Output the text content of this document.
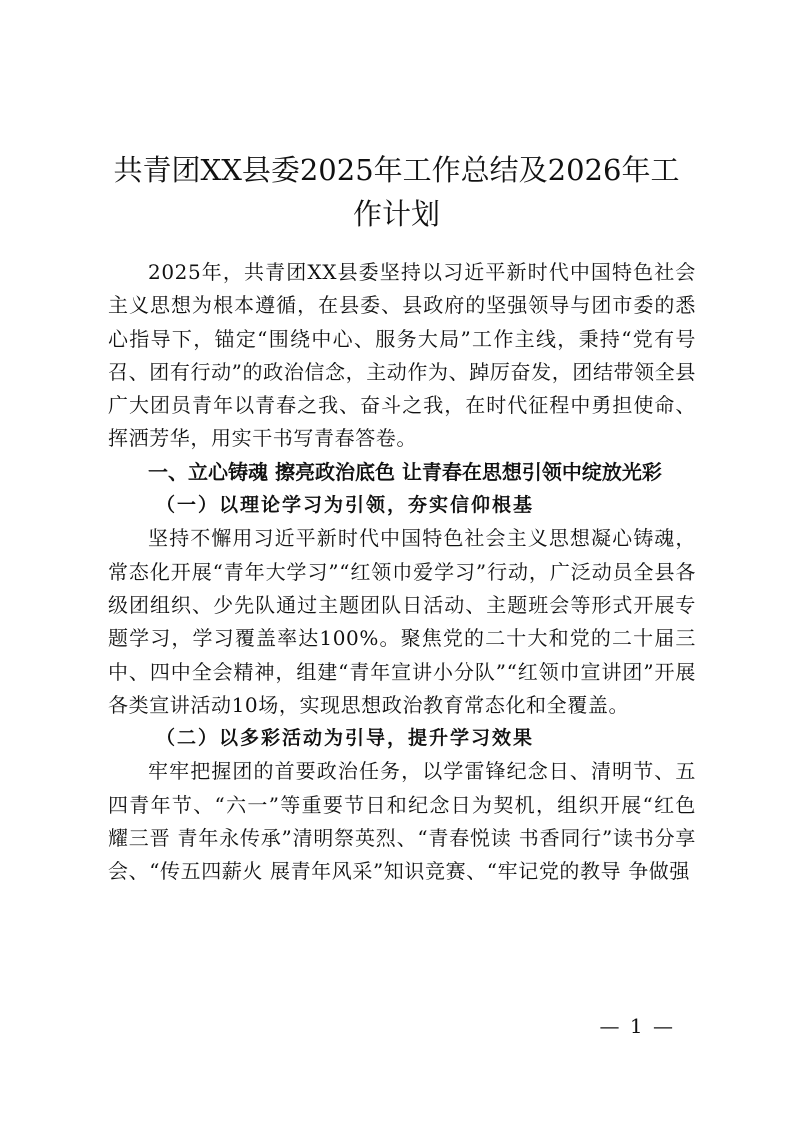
共青团XX县委2025年工作总结及2026年工
作计划

2025年，共青团XX县委坚持以习近平新时代中国特色社会主义思想为根本遵循，在县委、县政府的坚强领导与团市委的悉心指导下，锚定“围绕中心、服务大局”工作主线，秉持“党有号召、团有行动”的政治信念，主动作为、踔厉奋发，团结带领全县广大团员青年以青春之我、奋斗之我，在时代征程中勇担使命、挥洒芳华，用实干书写青春答卷。

一、立心铸魂 擦亮政治底色 让青春在思想引领中绽放光彩

（一）以理论学习为引领，夯实信仰根基

坚持不懈用习近平新时代中国特色社会主义思想凝心铸魂，常态化开展“青年大学习”“红领巾爱学习”行动，广泛动员全县各级团组织、少先队通过主题团队日活动、主题班会等形式开展专题学习，学习覆盖率达100%。聚焦党的二十大和党的二十届三中、四中全会精神，组建“青年宣讲小分队”“红领巾宣讲团”开展各类宣讲活动10场，实现思想政治教育常态化和全覆盖。

（二）以多彩活动为引导，提升学习效果

牢牢把握团的首要政治任务，以学雷锋纪念日、清明节、五四青年节、“六一”等重要节日和纪念日为契机，组织开展“红色耀三晋 青年永传承”清明祭英烈、“青春悦读 书香同行”读书分享会、“传五四薪火 展青年风采”知识竞赛、“牢记党的教导 争做强

— 1 —
